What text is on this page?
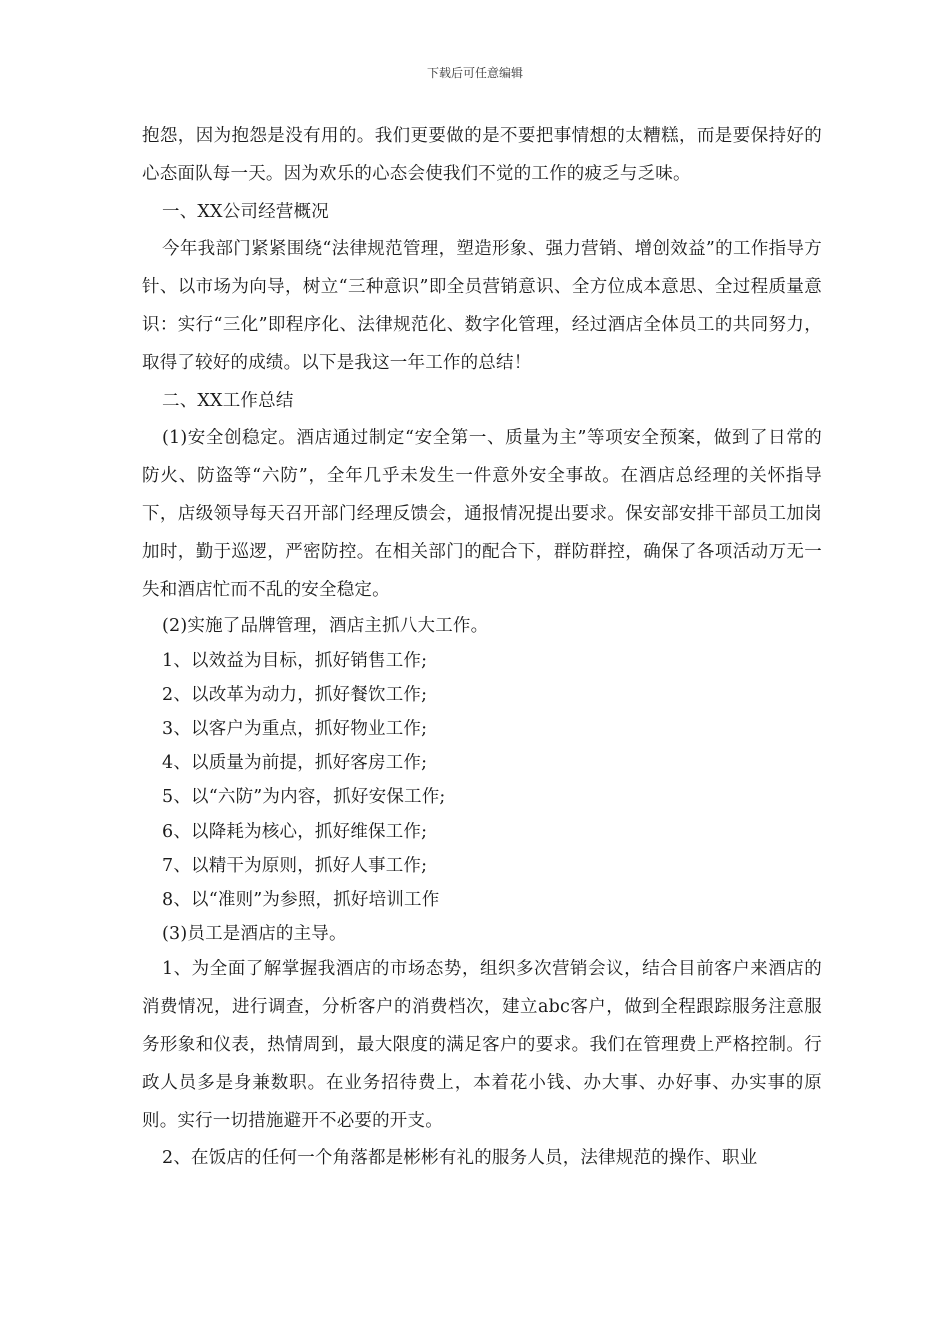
下载后可任意编辑

抱怨，因为抱怨是没有用的。我们更要做的是不要把事情想的太糟糕，而是要保持好的心态面队每一天。因为欢乐的心态会使我们不觉的工作的疲乏与乏味。

一、XX公司经营概况

今年我部门紧紧围绕“法律规范管理，塑造形象、强力营销、增创效益”的工作指导方针、以市场为向导，树立“三种意识”即全员营销意识、全方位成本意思、全过程质量意识：实行“三化”即程序化、法律规范化、数字化管理，经过酒店全体员工的共同努力，取得了较好的成绩。以下是我这一年工作的总结！

二、XX工作总结

(1)安全创稳定。酒店通过制定“安全第一、质量为主”等项安全预案，做到了日常的防火、防盗等“六防”，全年几乎未发生一件意外安全事故。在酒店总经理的关怀指导下，店级领导每天召开部门经理反馈会，通报情况提出要求。保安部安排干部员工加岗加时，勤于巡逻，严密防控。在相关部门的配合下，群防群控，确保了各项活动万无一失和酒店忙而不乱的安全稳定。

(2)实施了品牌管理，酒店主抓八大工作。

1、以效益为目标，抓好销售工作;

2、以改革为动力，抓好餐饮工作;

3、以客户为重点，抓好物业工作;

4、以质量为前提，抓好客房工作;

5、以“六防”为内容，抓好安保工作;

6、以降耗为核心，抓好维保工作;

7、以精干为原则，抓好人事工作;

8、以“准则”为参照，抓好培训工作

(3)员工是酒店的主导。

1、为全面了解掌握我酒店的市场态势，组织多次营销会议，结合目前客户来酒店的消费情况，进行调查，分析客户的消费档次，建立abc客户，做到全程跟踪服务注意服务形象和仪表，热情周到，最大限度的满足客户的要求。我们在管理费上严格控制。行政人员多是身兼数职。在业务招待费上，本着花小钱、办大事、办好事、办实事的原则。实行一切措施避开不必要的开支。

2、在饭店的任何一个角落都是彬彬有礼的服务人员，法律规范的操作、职业
